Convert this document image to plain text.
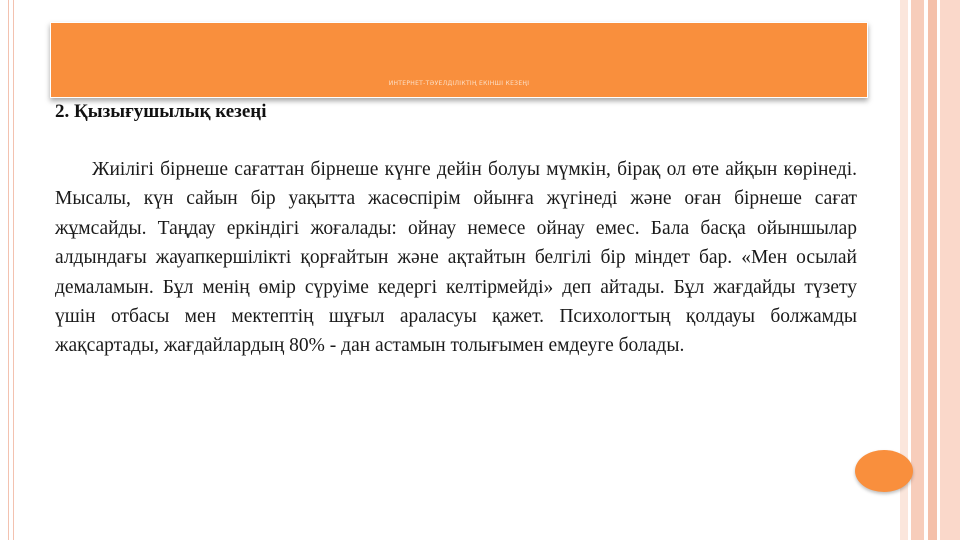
ИНТЕРНЕТ-ТӘУЕЛДІЛІКТІҢ ЕКІНШІ КЕЗЕҢІ
2. Қызығушылық кезеңі

Жиілігі бірнеше сағаттан бірнеше күнге дейін болуы мүмкін, бірақ ол өте айқын көрінеді. Мысалы, күн сайын бір уақытта жасөспірім ойынға жүгінеді және оған бірнеше сағат жұмсайды. Таңдау еркіндігі жоғалады: ойнау немесе ойнау емес. Бала басқа ойыншылар алдындағы жауапкершілікті қорғайтын және ақтайтын белгілі бір міндет бар. «Мен осылай демаламын. Бұл менің өмір сүруіме кедергі келтірмейді» деп айтады. Бұл жағдайды түзету үшін отбасы мен мектептің шұғыл араласуы қажет. Психологтың қолдауы болжамды жақсартады, жағдайлардың 80% - дан астамын толығымен емдеуге болады.
